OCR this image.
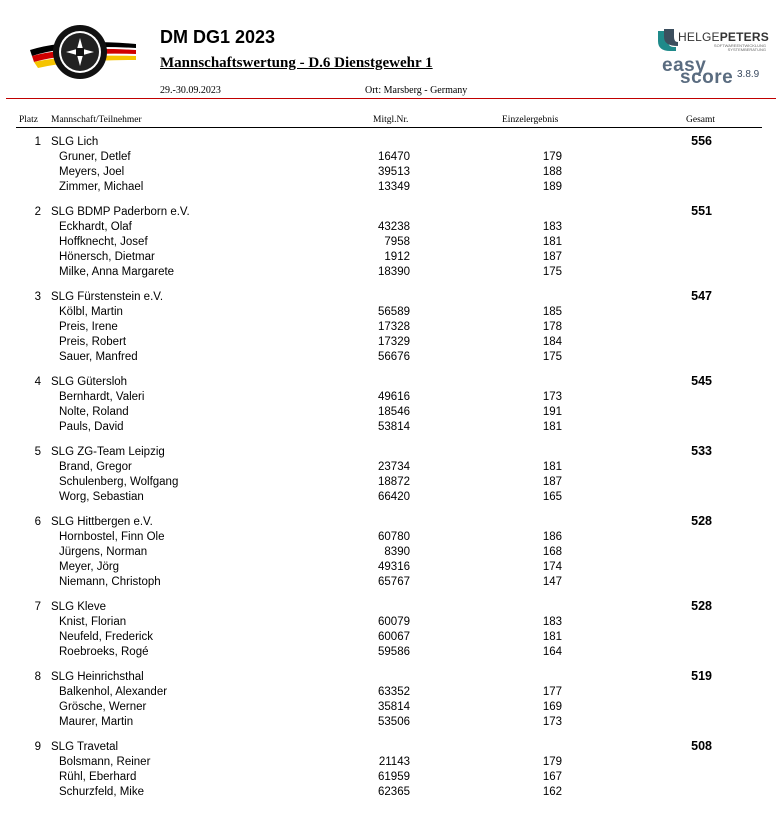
DM DG1 2023
Mannschaftswertung - D.6 Dienstgewehr 1
29.-30.09.2023	Ort: Marsberg - Germany
HELGEPETERS
SOFTWAREENTWICKLUNG
SYSTEMBERATUNG
easy
score 3.8.9
Platz Mannschaft/Teilnehmer	Mitgl.Nr.	Einzelergebnis	Gesamt
1 SLG Lich	556
Gruner, Detlef	16470	179
Meyers, Joel	39513	188
Zimmer, Michael	13349	189
2 SLG BDMP Paderborn e.V.	551
Eckhardt, Olaf	43238	183
Hoffknecht, Josef	7958	181
Hönersch, Dietmar	1912	187
Milke, Anna Margarete	18390	175
3 SLG Fürstenstein e.V.	547
Kölbl, Martin	56589	185
Preis, Irene	17328	178
Preis, Robert	17329	184
Sauer, Manfred	56676	175
4 SLG Gütersloh	545
Bernhardt, Valeri	49616	173
Nolte, Roland	18546	191
Pauls, David	53814	181
5 SLG ZG-Team Leipzig	533
Brand, Gregor	23734	181
Schulenberg, Wolfgang	18872	187
Worg, Sebastian	66420	165
6 SLG Hittbergen e.V.	528
Hornbostel, Finn Ole	60780	186
Jürgens, Norman	8390	168
Meyer, Jörg	49316	174
Niemann, Christoph	65767	147
7 SLG Kleve	528
Knist, Florian	60079	183
Neufeld, Frederick	60067	181
Roebroeks, Rogé	59586	164
8 SLG Heinrichsthal	519
Balkenhol, Alexander	63352	177
Grösche, Werner	35814	169
Maurer, Martin	53506	173
9 SLG Travetal	508
Bolsmann, Reiner	21143	179
Rühl, Eberhard	61959	167
Schurzfeld, Mike	62365	162
